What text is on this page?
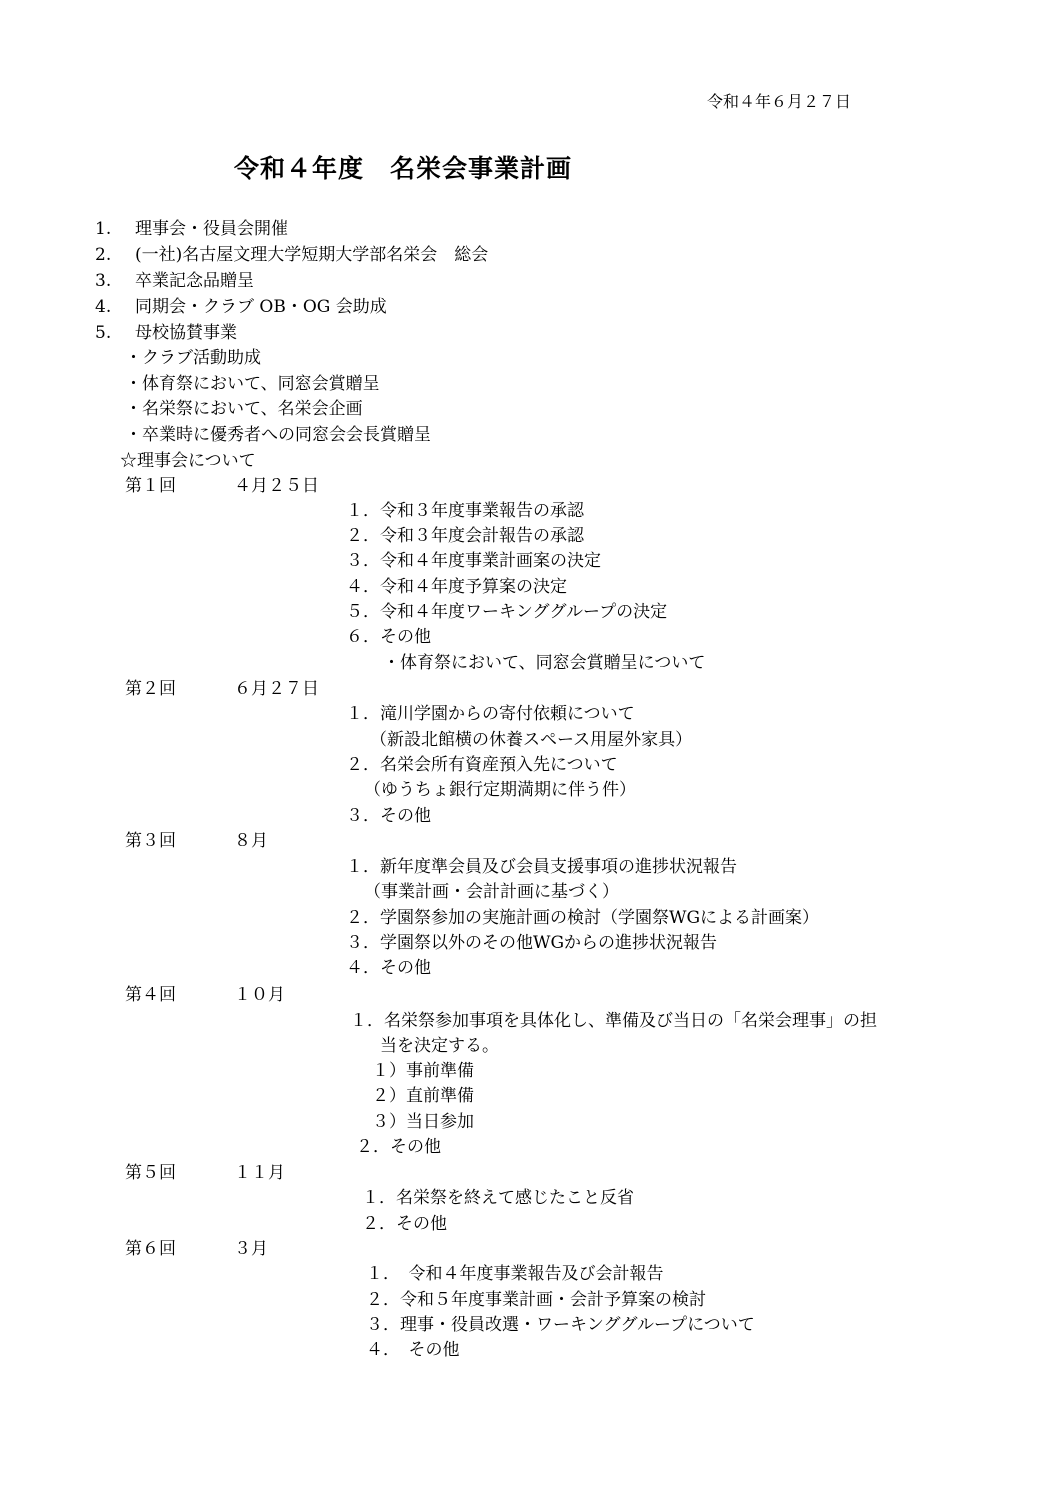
令和４年６月２７日
令和４年度　名栄会事業計画
1. 理事会・役員会開催
2. (一社)名古屋文理大学短期大学部名栄会　総会
3. 卒業記念品贈呈
4. 同期会・クラブ OB・OG 会助成
5. 母校協賛事業
・クラブ活動助成
・体育祭において、同窓会賞贈呈
・名栄祭において、名栄会企画
・卒業時に優秀者への同窓会会長賞贈呈
☆理事会について
第１回	４月２５日
１．令和３年度事業報告の承認
２．令和３年度会計報告の承認
３．令和４年度事業計画案の決定
４．令和４年度予算案の決定
５．令和４年度ワーキンググループの決定
６．その他
・体育祭において、同窓会賞贈呈について
第２回	６月２７日
１．滝川学園からの寄付依頼について
（新設北館横の休養スペース用屋外家具）
２．名栄会所有資産預入先について
（ゆうちょ銀行定期満期に伴う件）
３．その他
第３回	８月
１．新年度準会員及び会員支援事項の進捗状況報告
（事業計画・会計計画に基づく）
２．学園祭参加の実施計画の検討（学園祭WGによる計画案）
３．学園祭以外のその他WGからの進捗状況報告
４．その他
第４回	１０月
１．名栄祭参加事項を具体化し、準備及び当日の「名栄会理事」の担
当を決定する。
１）事前準備
２）直前準備
３）当日参加
２．その他
第５回	１１月
１．名栄祭を終えて感じたこと反省
２．その他
第６回	３月
１．　令和４年度事業報告及び会計報告
２．令和５年度事業計画・会計予算案の検討
３．理事・役員改選・ワーキンググループについて
４．　その他
